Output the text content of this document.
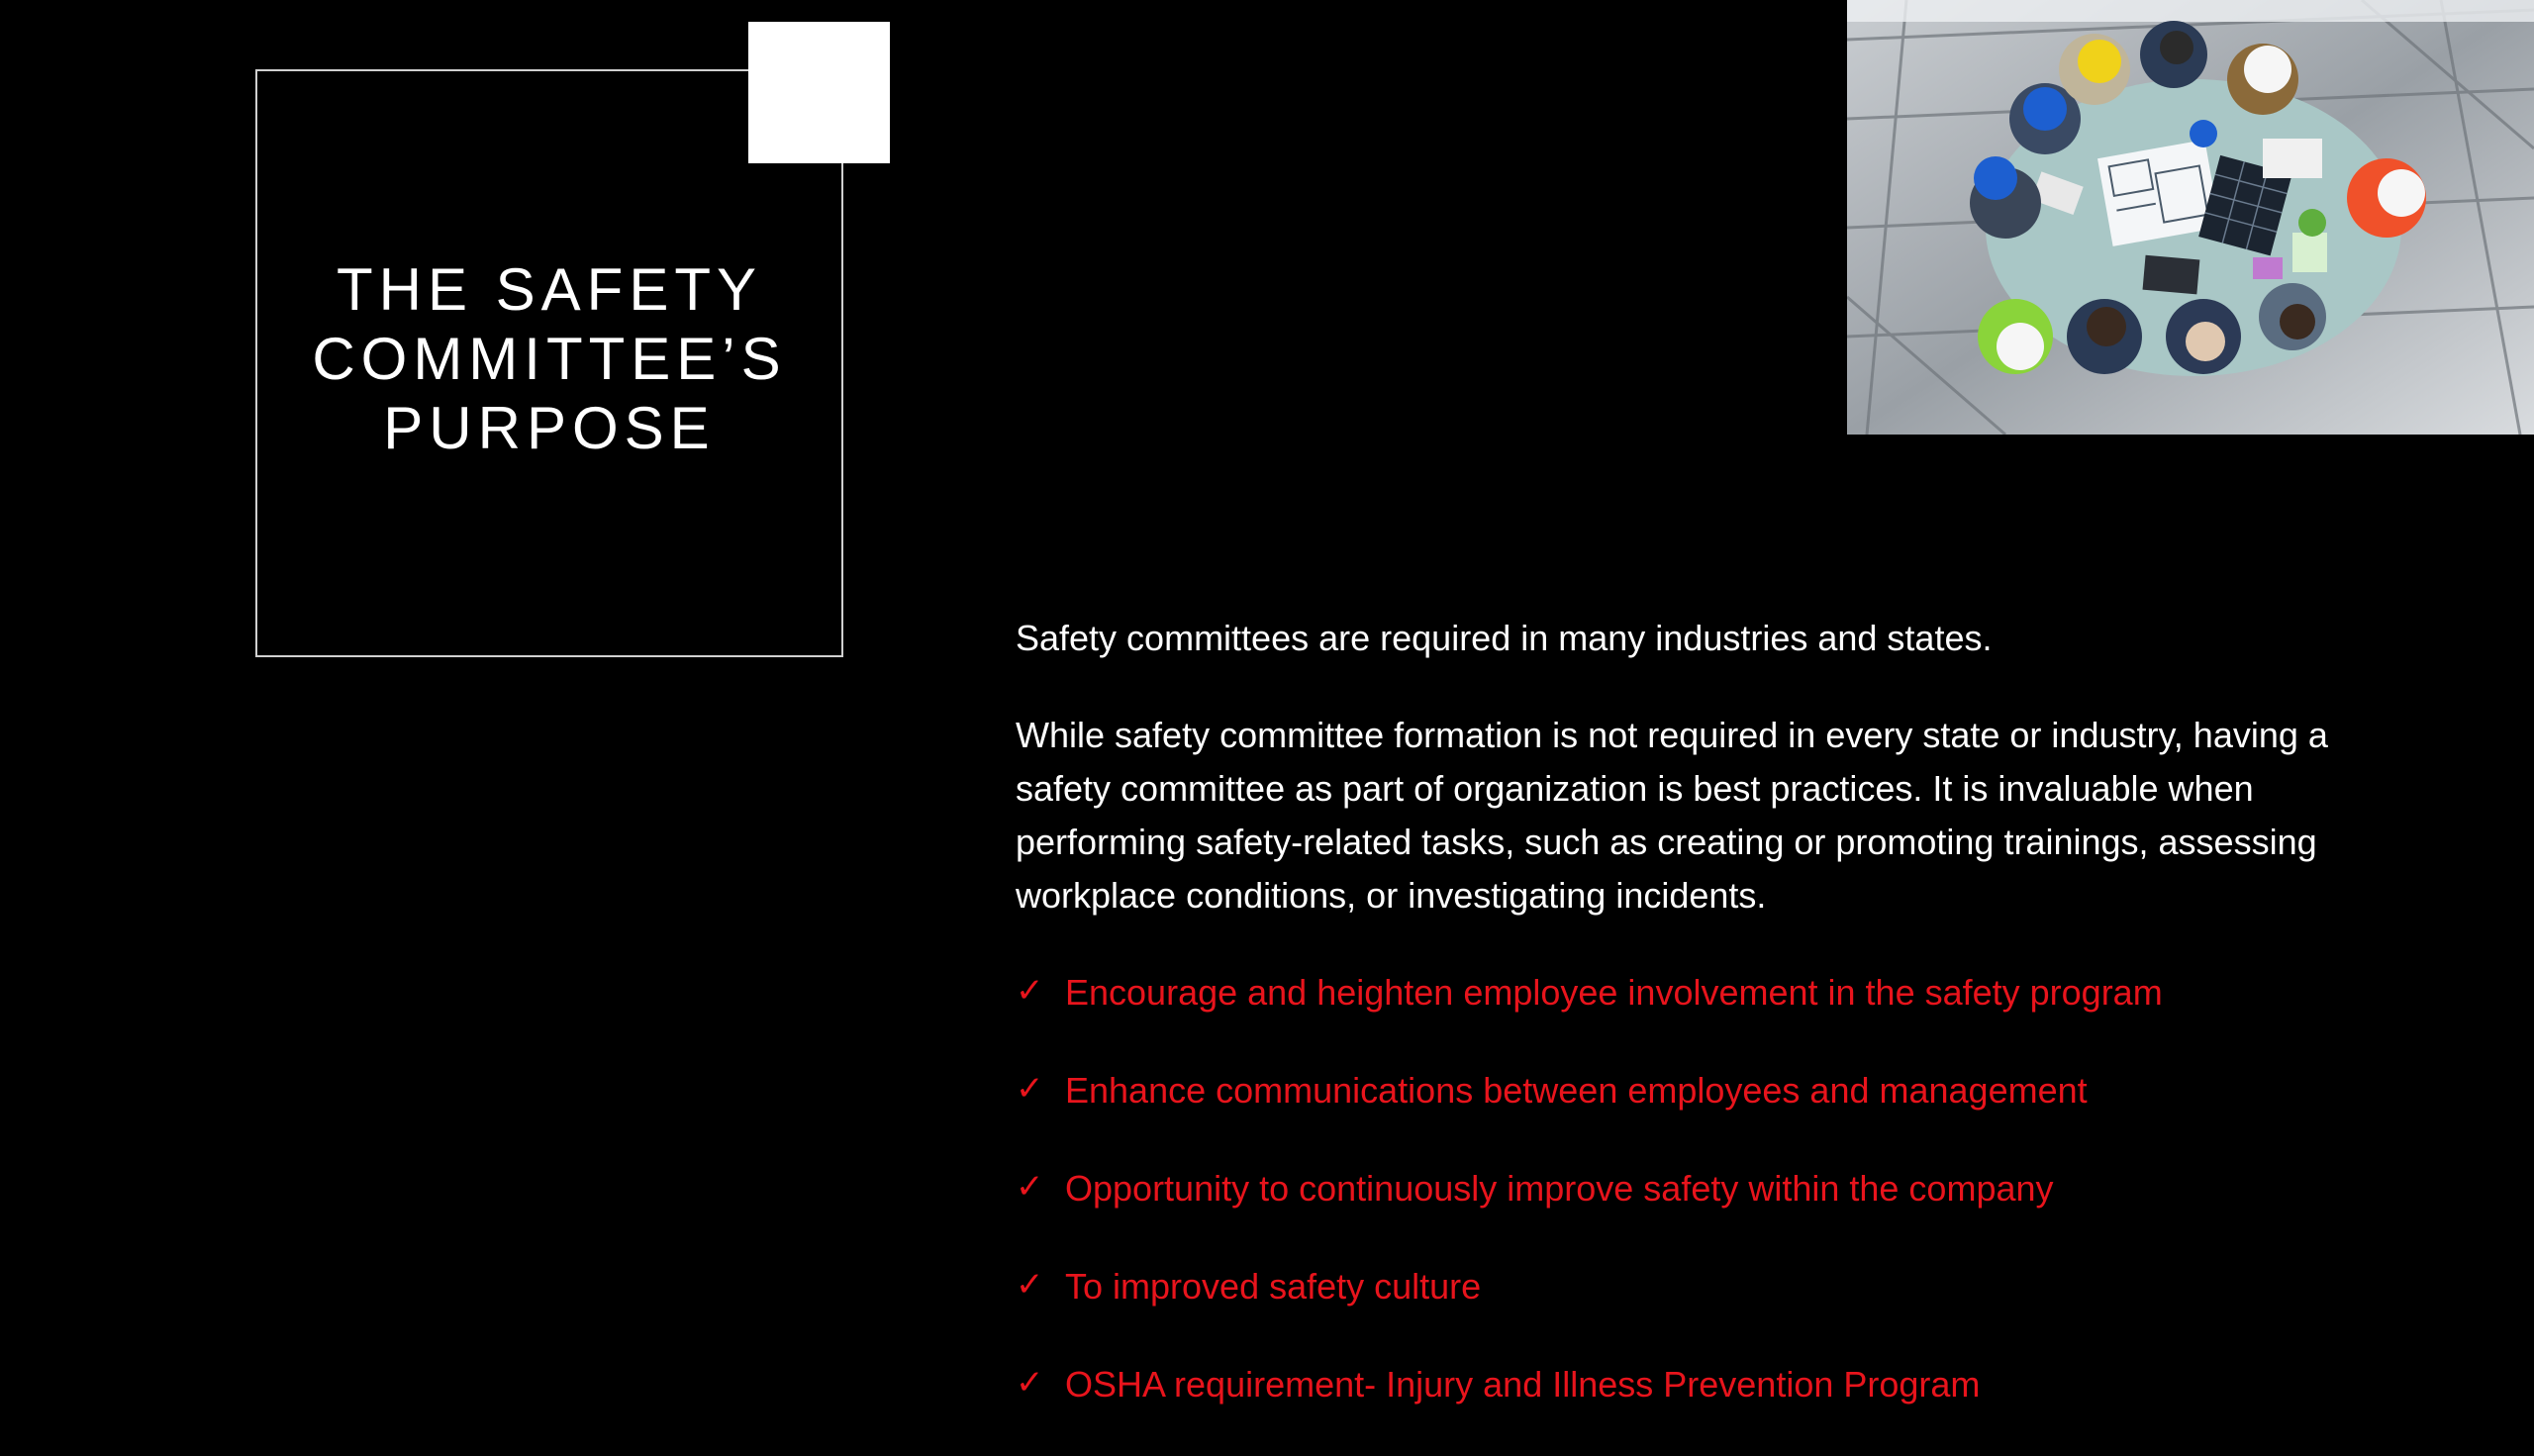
THE SAFETY
COMMITTEE’S
PURPOSE

Safety committees are required in many industries and states.

While safety committee formation is not required in every state or industry, having a safety committee as part of organization is best practices. It is invaluable when performing safety-related tasks, such as creating or promoting trainings, assessing workplace conditions, or investigating incidents.

✓ Encourage and heighten employee involvement in the safety program
✓ Enhance communications between employees and management
✓ Opportunity to continuously improve safety within the company
✓ To improved safety culture
✓ OSHA requirement- Injury and Illness Prevention Program
